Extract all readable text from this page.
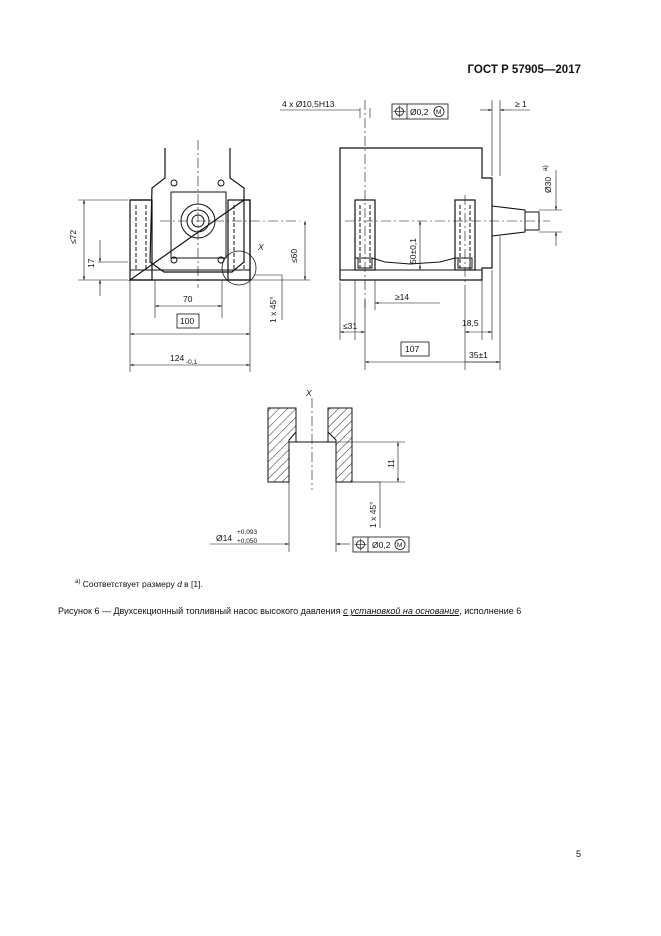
ГОСТ Р 57905—2017
≤72
17
70
100
124 -0,1
≤60
1 x 45°
X
4 x Ø10,5H13
Ø0,2 M
≥ 1
Ø30
a)
50±0,1
≥14
≤31	18,5
107
35±1
X
11
1 x 45°
Ø14
+0,093
+0,050	Ø0,2 M
$^{a)}$ Соответствует размеру d в [1].
Рисунок 6 — Двухсекционный топливный насос высокого давления с установкой на основание, исполнение 6
5
